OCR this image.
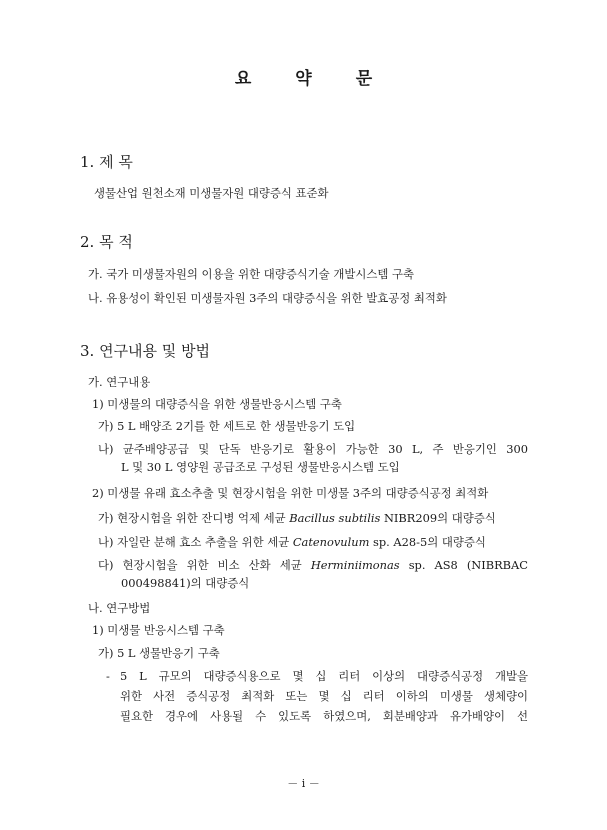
요	약	문
1. 제 목
생물산업 원천소재 미생물자원 대량증식 표준화
2. 목 적
가. 국가 미생물자원의 이용을 위한 대량증식기술 개발시스템 구축
나. 유용성이 확인된 미생물자원 3주의 대량증식을 위한 발효공정 최적화
3. 연구내용 및 방법
가. 연구내용
1) 미생물의 대량증식을 위한 생물반응시스템 구축
가) 5 L 배양조 2기를 한 세트로 한 생물반응기 도입
나) 균주배양공급 및 단독 반응기로 활용이 가능한 30 L, 주 반응기인 300
L 및 30 L 영양원 공급조로 구성된 생물반응시스템 도입
2) 미생물 유래 효소추출 및 현장시험을 위한 미생물 3주의 대량증식공정 최적화
가) 현장시험을 위한 잔디병 억제 세균 Bacillus subtilis NIBR209의 대량증식
나) 자일란 분해 효소 추출을 위한 세균 Catenovulum sp. A28-5의 대량증식
다) 현장시험을 위한 비소 산화 세균 Herminiimonas sp. AS8 (NIBRBAC
000498841)의 대량증식
나. 연구방법
1) 미생물 반응시스템 구축
가) 5 L 생물반응기 구축
- 5 L 규모의 대량증식용으로 몇 십 리터 이상의 대량증식공정 개발을
위한 사전 증식공정 최적화 또는 몇 십 리터 이하의 미생물 생체량이
필요한 경우에 사용될 수 있도록 하였으며, 회분배양과 유가배양이 선
－ i －
